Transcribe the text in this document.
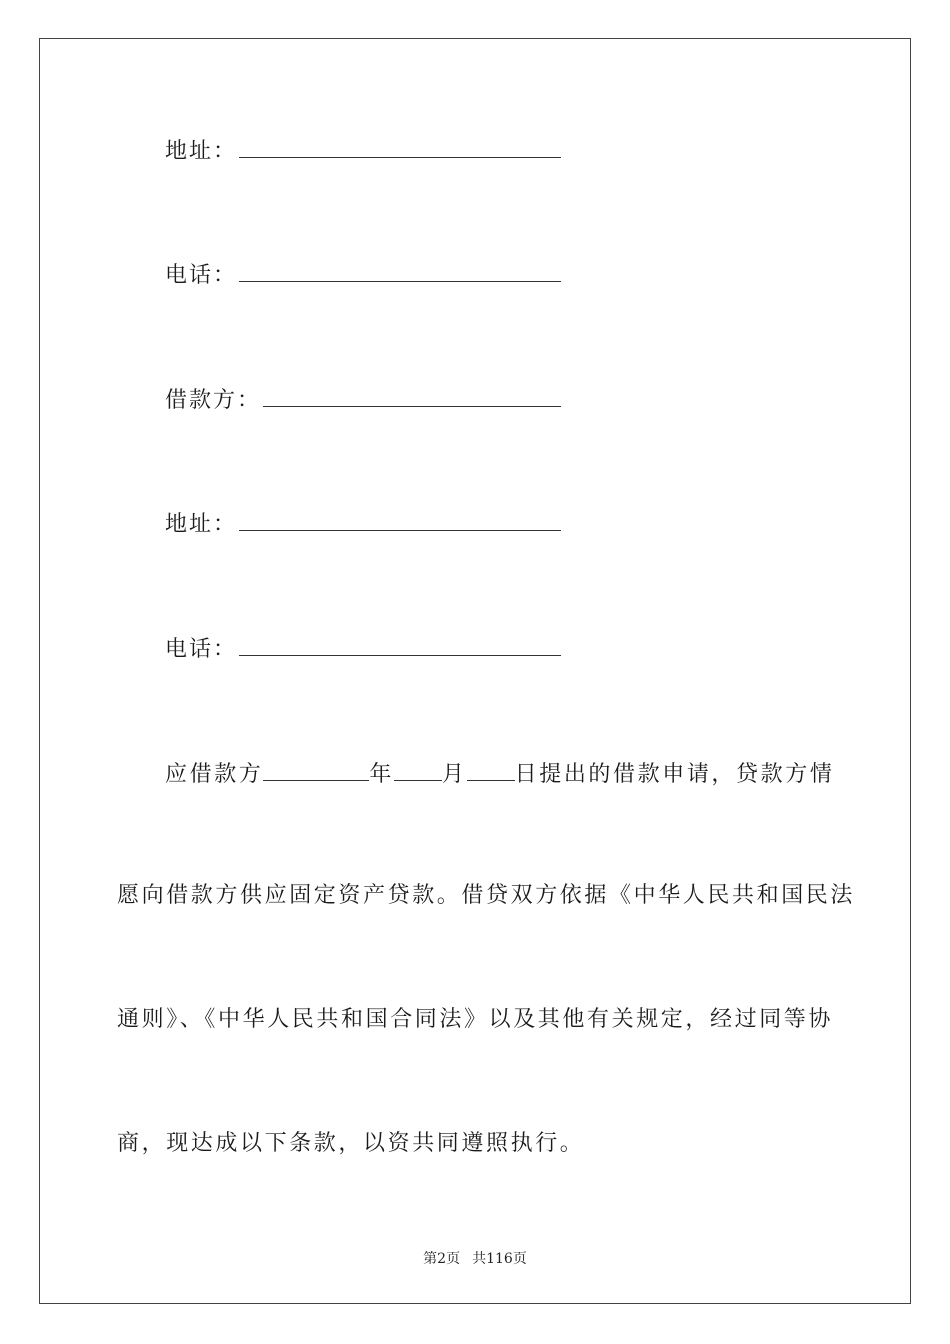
地址：
电话：
借款方：
地址：
电话：
应借款方	年 月 日提出的借款申请，贷款方情
愿向借款方供应固定资产贷款。借贷双方依据《中华人民共和国民法
通则》、《中华人民共和国合同法》以及其他有关规定，经过同等协
商，现达成以下条款，以资共同遵照执行。
第2页 共116页
